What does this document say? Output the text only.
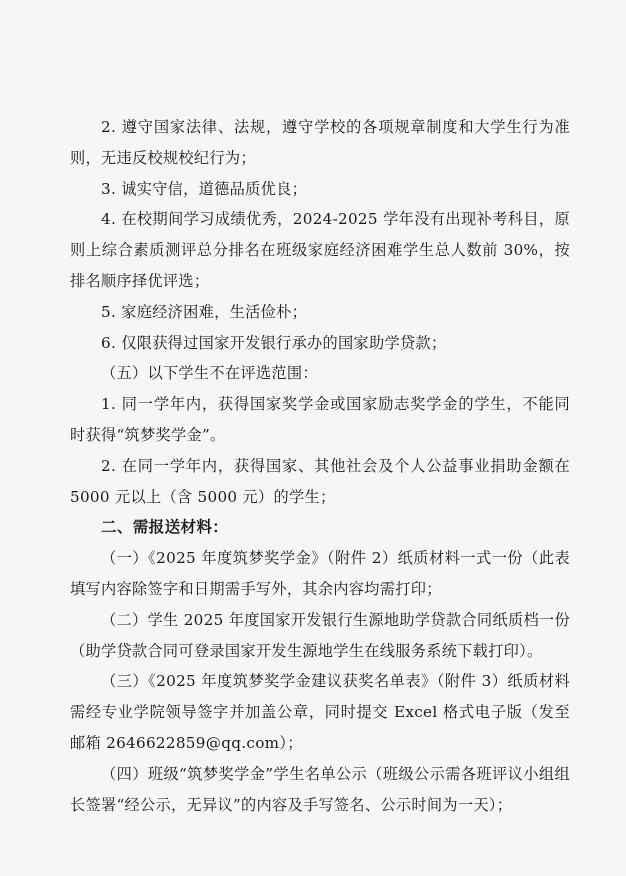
2. 遵守国家法律、法规，遵守学校的各项规章制度和大学生行为准则，无违反校规校纪行为；

3. 诚实守信，道德品质优良；

4. 在校期间学习成绩优秀，2024-2025 学年没有出现补考科目，原则上综合素质测评总分排名在班级家庭经济困难学生总人数前 30%，按排名顺序择优评选；

5. 家庭经济困难，生活俭朴；

6. 仅限获得过国家开发银行承办的国家助学贷款；

（五）以下学生不在评选范围：

1. 同一学年内，获得国家奖学金或国家励志奖学金的学生，不能同时获得“筑梦奖学金”。

2. 在同一学年内，获得国家、其他社会及个人公益事业捐助金额在 5000 元以上（含 5000 元）的学生；

二、需报送材料：

（一）《2025 年度筑梦奖学金》（附件 2）纸质材料一式一份（此表填写内容除签字和日期需手写外，其余内容均需打印；

（二）学生 2025 年度国家开发银行生源地助学贷款合同纸质档一份（助学贷款合同可登录国家开发生源地学生在线服务系统下载打印）。

（三）《2025 年度筑梦奖学金建议获奖名单表》（附件 3）纸质材料需经专业学院领导签字并加盖公章，同时提交 Excel 格式电子版（发至邮箱 2646622859@qq.com）；

（四）班级“筑梦奖学金”学生名单公示（班级公示需各班评议小组组长签署“经公示，无异议”的内容及手写签名、公示时间为一天）；
